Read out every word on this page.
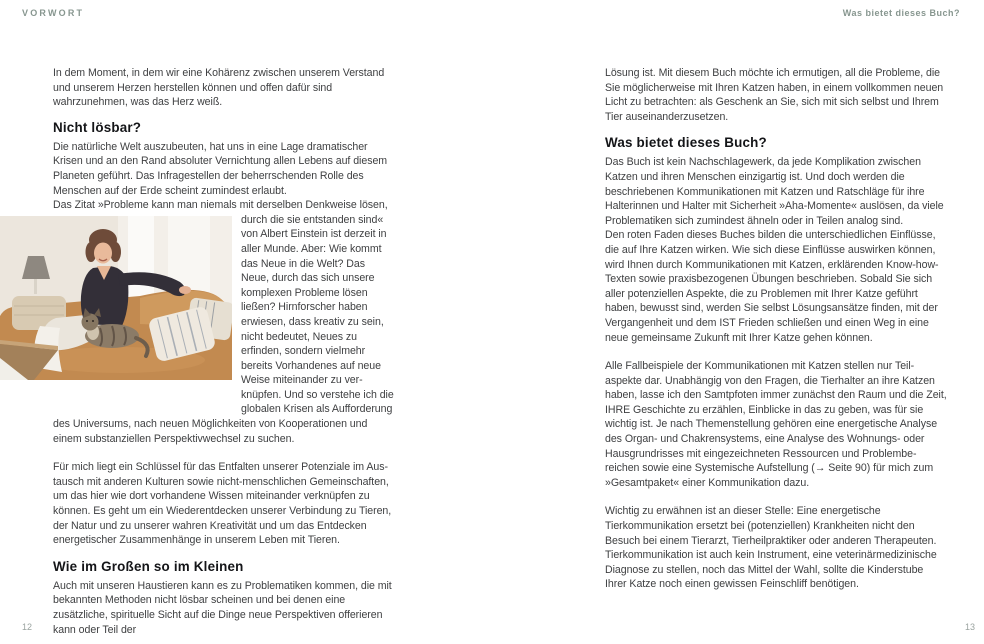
VORWORT	Was bietet dieses Buch?

In dem Moment, in dem wir eine Kohärenz zwischen unserem Verstand und unserem Herzen herstellen können und offen dafür sind wahrzunehmen, was das Herz weiß.

Nicht lösbar?

Die natürliche Welt auszubeuten, hat uns in eine Lage dramatischer Krisen und an den Rand absoluter Vernichtung allen Lebens auf diesem Planeten geführt. Das Infragestellen der beherrschenden Rolle des Menschen auf der Erde scheint zumindest erlaubt.

Das Zitat »Probleme kann man niemals mit derselben Denkweise lösen,
durch die sie entstanden sind« von Albert Einstein ist derzeit in aller Munde. Aber: Wie kommt das Neue in die Welt? Das Neue, durch das sich unsere komplexen Probleme lösen ließen? Hirnforscher haben erwiesen, dass kreativ zu sein, nicht bedeutet, Neues zu erfinden, sondern vielmehr bereits Vorhandenes auf neue Weise miteinander zu verknüpfen. Und so verstehe ich die globalen Krisen als Aufforderung des Universums, nach neuen Möglichkeiten von Kooperationen und einem substanziellen Perspektivwechsel zu suchen.

Für mich liegt ein Schlüssel für das Entfalten unserer Potenziale im Austausch mit anderen Kulturen sowie nicht-menschlichen Gemeinschaften, um das hier wie dort vorhandene Wissen miteinander verknüpfen zu können. Es geht um ein Wiederentdecken unserer Verbindung zu Tieren, der Natur und zu unserer wahren Kreativität und um das Entdecken energetischer Zusammenhänge in unserem Leben mit Tieren.

Wie im Großen so im Kleinen

Auch mit unseren Haustieren kann es zu Problematiken kommen, die mit bekannten Methoden nicht lösbar scheinen und bei denen eine zusätzliche, spirituelle Sicht auf die Dinge neue Perspektiven offerieren kann oder Teil der

Lösung ist. Mit diesem Buch möchte ich ermutigen, all die Probleme, die Sie möglicherweise mit Ihren Katzen haben, in einem vollkommen neuen Licht zu betrachten: als Geschenk an Sie, sich mit sich selbst und Ihrem Tier auseinanderzusetzen.

Was bietet dieses Buch?

Das Buch ist kein Nachschlagewerk, da jede Komplikation zwischen Katzen und ihren Menschen einzigartig ist. Und doch werden die beschriebenen Kommunikationen mit Katzen und Ratschläge für ihre Halterinnen und Halter mit Sicherheit »Aha-Momente« auslösen, da viele Problematiken sich zumindest ähneln oder in Teilen analog sind.

Den roten Faden dieses Buches bilden die unterschiedlichen Einflüsse, die auf Ihre Katzen wirken. Wie sich diese Einflüsse auswirken können, wird Ihnen durch Kommunikationen mit Katzen, erklärenden Know-how-Texten sowie praxisbezogenen Übungen beschrieben. Sobald Sie sich aller potenziellen Aspekte, die zu Problemen mit Ihrer Katze geführt haben, bewusst sind, werden Sie selbst Lösungsansätze finden, mit der Vergangenheit und dem IST Frieden schließen und einen Weg in eine neue gemeinsame Zukunft mit Ihrer Katze gehen können.

Alle Fallbeispiele der Kommunikationen mit Katzen stellen nur Teilaspekte dar. Unabhängig von den Fragen, die Tierhalter an ihre Katzen haben, lasse ich den Samtpfoten immer zunächst den Raum und die Zeit, IHRE Geschichte zu erzählen, Einblicke in das zu geben, was für sie wichtig ist. Je nach Themenstellung gehören eine energetische Analyse des Organ- und Chakrensystems, eine Analyse des Wohnungs- oder Hausgrundrisses mit eingezeichneten Ressourcen und Problembereichen sowie eine Systemische Aufstellung (→ Seite 90) für mich zum »Gesamtpaket« einer Kommunikation dazu.

Wichtig zu erwähnen ist an dieser Stelle: Eine energetische Tierkommunikation ersetzt bei (potenziellen) Krankheiten nicht den Besuch bei einem Tierarzt, Tierheilpraktiker oder anderen Therapeuten. Tierkommunikation ist auch kein Instrument, eine veterinärmedizinische Diagnose zu stellen, noch das Mittel der Wahl, sollte die Kinderstube Ihrer Katze noch einen gewissen Feinschliff benötigen.

12	13
